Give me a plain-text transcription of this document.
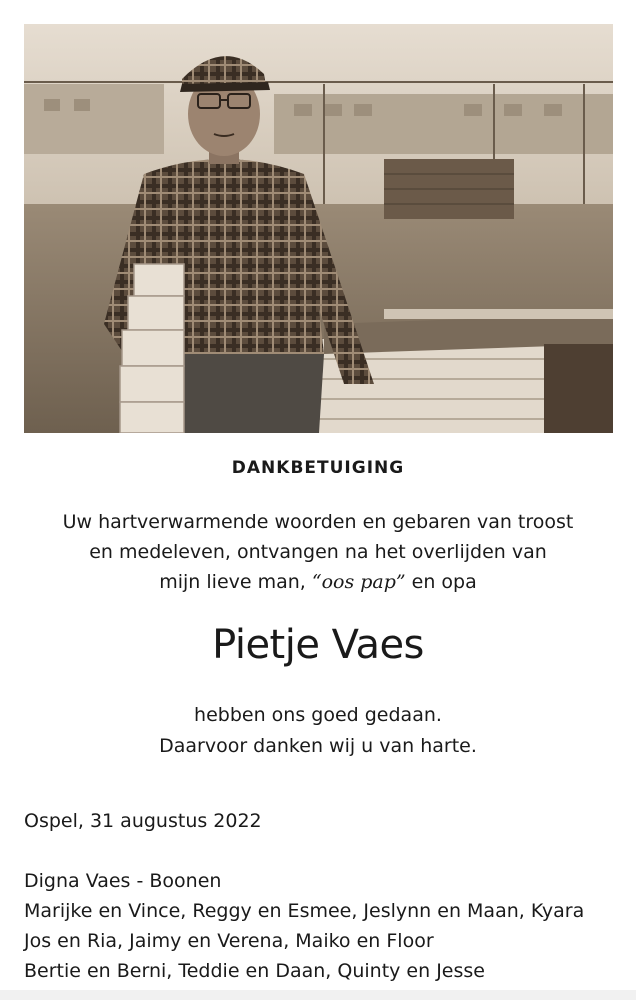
DANKBETUIGING
Uw hartverwarmende woorden en gebaren van troost
en medeleven, ontvangen na het overlijden van
mijn lieve man, “oos pap” en opa
Pietje Vaes
hebben ons goed gedaan.
Daarvoor danken wij u van harte.
Ospel, 31 augustus 2022
Digna Vaes - Boonen
Marijke en Vince, Reggy en Esmee, Jeslynn en Maan, Kyara
Jos en Ria, Jaimy en Verena, Maiko en Floor
Bertie en Berni, Teddie en Daan, Quinty en Jesse
